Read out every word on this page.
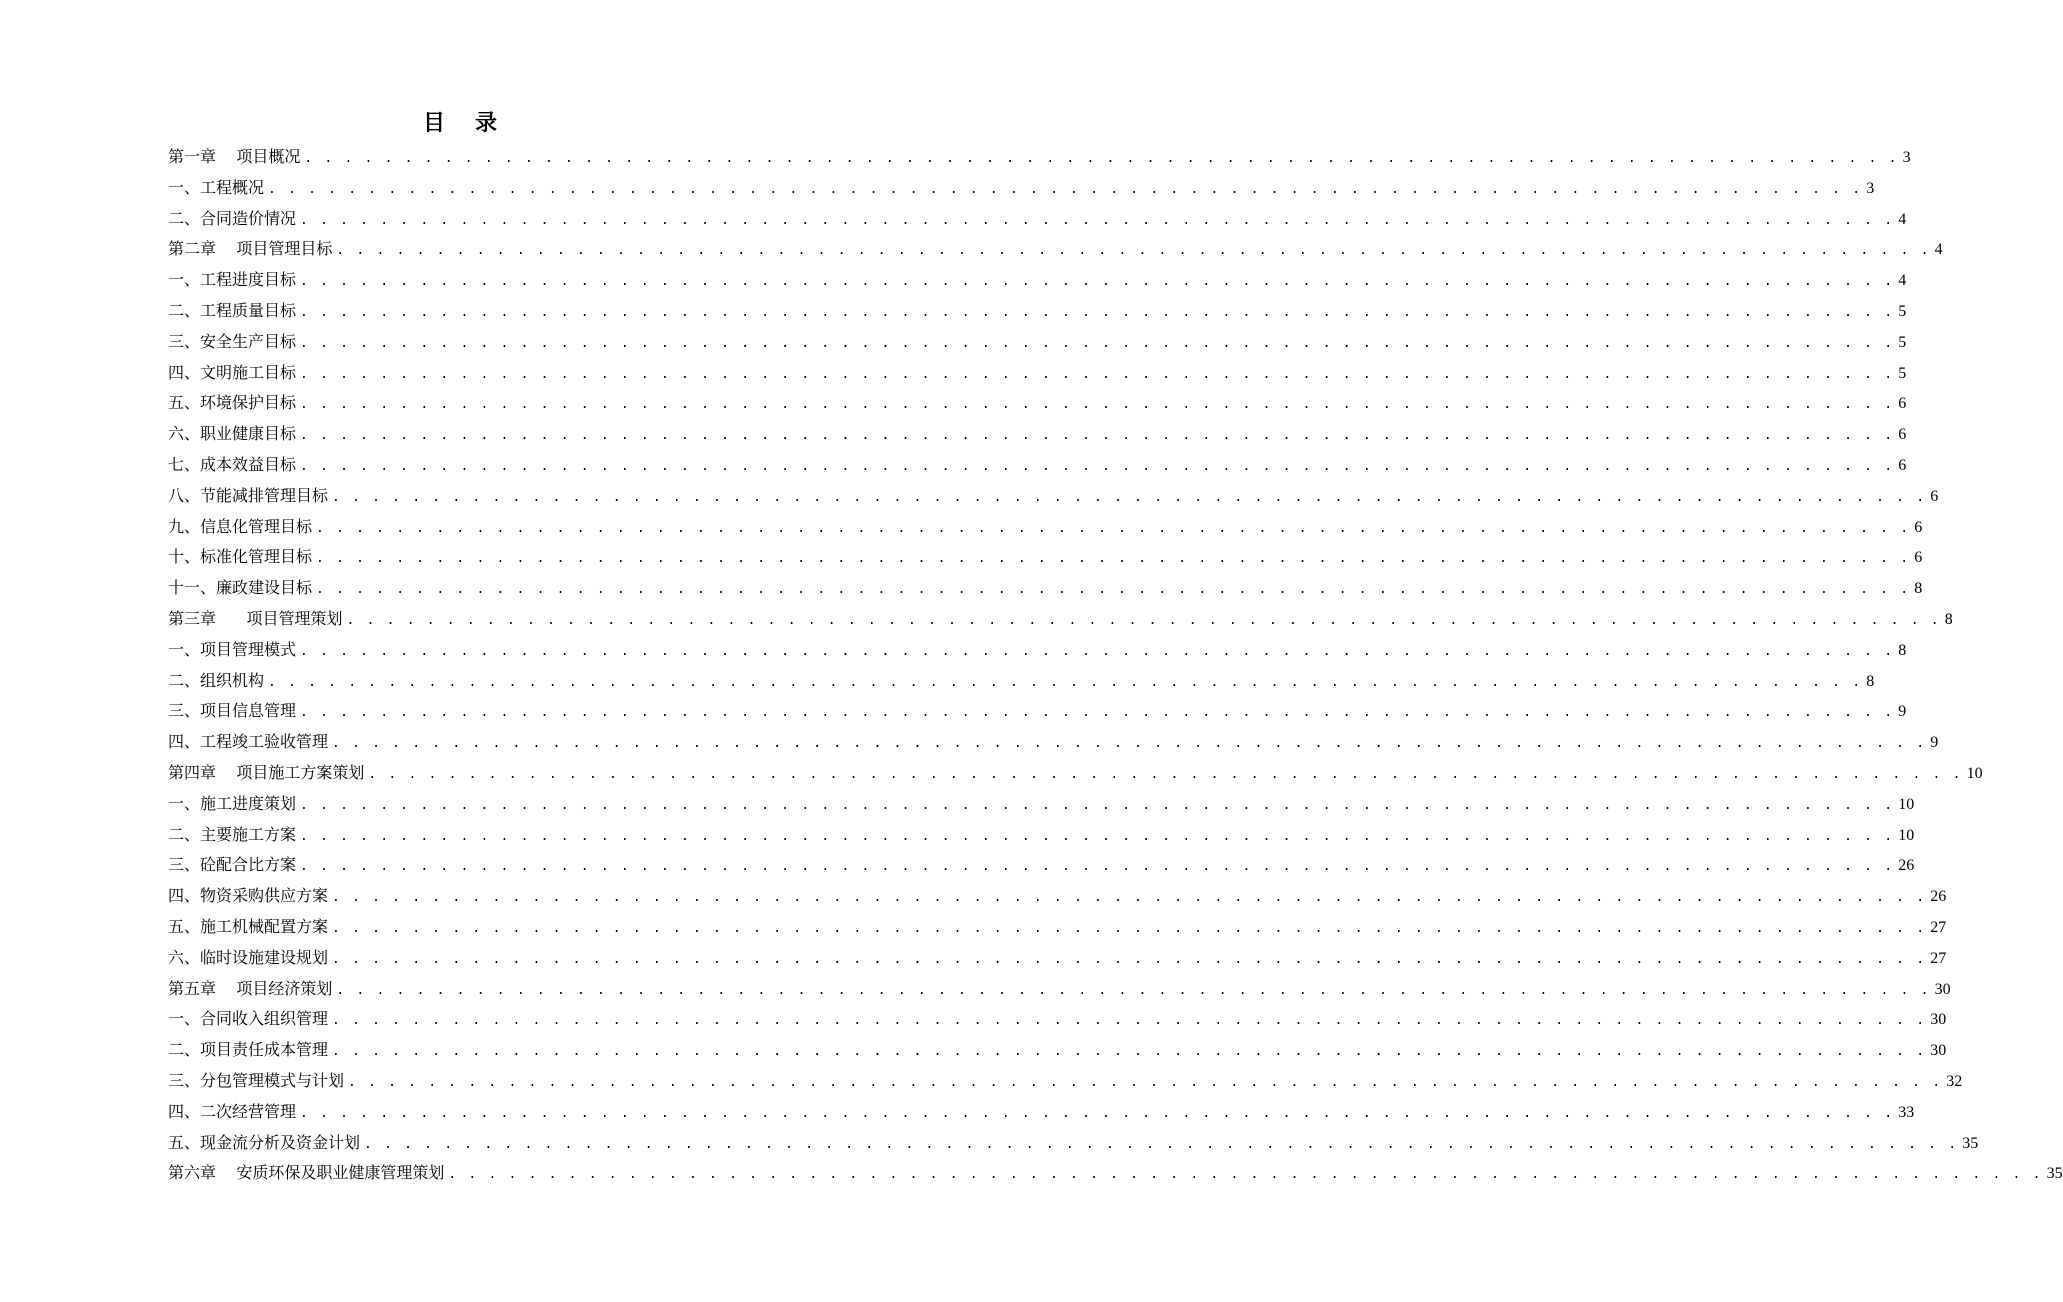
目 录
第一章    项目概况 . . . . . . . . . . . . . . . . . . . . . . . . . . . . . . . . . . . . . . . . . . . . . . . . . . . . . . . . . . . . . . . . . . . . . . . . . . . . . . . . 3
一、工程概况 . . . . . . . . . . . . . . . . . . . . . . . . . . . . . . . . . . . . . . . . . . . . . . . . . . . . . . . . . . . . . . . . . . . . . . . . . . . . . . . . 3
二、合同造价情况 . . . . . . . . . . . . . . . . . . . . . . . . . . . . . . . . . . . . . . . . . . . . . . . . . . . . . . . . . . . . . . . . . . . . . . . . . . . . . . . . 4
第二章    项目管理目标 . . . . . . . . . . . . . . . . . . . . . . . . . . . . . . . . . . . . . . . . . . . . . . . . . . . . . . . . . . . . . . . . . . . . . . . . . . . . . . . . 4
一、工程进度目标 . . . . . . . . . . . . . . . . . . . . . . . . . . . . . . . . . . . . . . . . . . . . . . . . . . . . . . . . . . . . . . . . . . . . . . . . . . . . . . . . 4
二、工程质量目标 . . . . . . . . . . . . . . . . . . . . . . . . . . . . . . . . . . . . . . . . . . . . . . . . . . . . . . . . . . . . . . . . . . . . . . . . . . . . . . . . 5
三、安全生产目标 . . . . . . . . . . . . . . . . . . . . . . . . . . . . . . . . . . . . . . . . . . . . . . . . . . . . . . . . . . . . . . . . . . . . . . . . . . . . . . . . 5
四、文明施工目标 . . . . . . . . . . . . . . . . . . . . . . . . . . . . . . . . . . . . . . . . . . . . . . . . . . . . . . . . . . . . . . . . . . . . . . . . . . . . . . . . 5
五、环境保护目标 . . . . . . . . . . . . . . . . . . . . . . . . . . . . . . . . . . . . . . . . . . . . . . . . . . . . . . . . . . . . . . . . . . . . . . . . . . . . . . . . 6
六、职业健康目标 . . . . . . . . . . . . . . . . . . . . . . . . . . . . . . . . . . . . . . . . . . . . . . . . . . . . . . . . . . . . . . . . . . . . . . . . . . . . . . . . 6
七、成本效益目标 . . . . . . . . . . . . . . . . . . . . . . . . . . . . . . . . . . . . . . . . . . . . . . . . . . . . . . . . . . . . . . . . . . . . . . . . . . . . . . . . 6
八、节能减排管理目标 . . . . . . . . . . . . . . . . . . . . . . . . . . . . . . . . . . . . . . . . . . . . . . . . . . . . . . . . . . . . . . . . . . . . . . . . . . . . . . . . 6
九、信息化管理目标 . . . . . . . . . . . . . . . . . . . . . . . . . . . . . . . . . . . . . . . . . . . . . . . . . . . . . . . . . . . . . . . . . . . . . . . . . . . . . . . . 6
十、标准化管理目标 . . . . . . . . . . . . . . . . . . . . . . . . . . . . . . . . . . . . . . . . . . . . . . . . . . . . . . . . . . . . . . . . . . . . . . . . . . . . . . . . 6
十一、廉政建设目标 . . . . . . . . . . . . . . . . . . . . . . . . . . . . . . . . . . . . . . . . . . . . . . . . . . . . . . . . . . . . . . . . . . . . . . . . . . . . . . . . 8
第三章      项目管理策划 . . . . . . . . . . . . . . . . . . . . . . . . . . . . . . . . . . . . . . . . . . . . . . . . . . . . . . . . . . . . . . . . . . . . . . . . . . . . . . . . 8
一、项目管理模式 . . . . . . . . . . . . . . . . . . . . . . . . . . . . . . . . . . . . . . . . . . . . . . . . . . . . . . . . . . . . . . . . . . . . . . . . . . . . . . . . 8
二、组织机构 . . . . . . . . . . . . . . . . . . . . . . . . . . . . . . . . . . . . . . . . . . . . . . . . . . . . . . . . . . . . . . . . . . . . . . . . . . . . . . . . 8
三、项目信息管理 . . . . . . . . . . . . . . . . . . . . . . . . . . . . . . . . . . . . . . . . . . . . . . . . . . . . . . . . . . . . . . . . . . . . . . . . . . . . . . . . 9
四、工程竣工验收管理 . . . . . . . . . . . . . . . . . . . . . . . . . . . . . . . . . . . . . . . . . . . . . . . . . . . . . . . . . . . . . . . . . . . . . . . . . . . . . . . . 9
第四章    项目施工方案策划 . . . . . . . . . . . . . . . . . . . . . . . . . . . . . . . . . . . . . . . . . . . . . . . . . . . . . . . . . . . . . . . . . . . . . . . . . . . . . . . . 10
一、施工进度策划 . . . . . . . . . . . . . . . . . . . . . . . . . . . . . . . . . . . . . . . . . . . . . . . . . . . . . . . . . . . . . . . . . . . . . . . . . . . . . . . . 10
二、主要施工方案 . . . . . . . . . . . . . . . . . . . . . . . . . . . . . . . . . . . . . . . . . . . . . . . . . . . . . . . . . . . . . . . . . . . . . . . . . . . . . . . . 10
三、砼配合比方案 . . . . . . . . . . . . . . . . . . . . . . . . . . . . . . . . . . . . . . . . . . . . . . . . . . . . . . . . . . . . . . . . . . . . . . . . . . . . . . . . 26
四、物资采购供应方案 . . . . . . . . . . . . . . . . . . . . . . . . . . . . . . . . . . . . . . . . . . . . . . . . . . . . . . . . . . . . . . . . . . . . . . . . . . . . . . . . 26
五、施工机械配置方案 . . . . . . . . . . . . . . . . . . . . . . . . . . . . . . . . . . . . . . . . . . . . . . . . . . . . . . . . . . . . . . . . . . . . . . . . . . . . . . . . 27
六、临时设施建设规划 . . . . . . . . . . . . . . . . . . . . . . . . . . . . . . . . . . . . . . . . . . . . . . . . . . . . . . . . . . . . . . . . . . . . . . . . . . . . . . . . 27
第五章    项目经济策划 . . . . . . . . . . . . . . . . . . . . . . . . . . . . . . . . . . . . . . . . . . . . . . . . . . . . . . . . . . . . . . . . . . . . . . . . . . . . . . . . 30
一、合同收入组织管理 . . . . . . . . . . . . . . . . . . . . . . . . . . . . . . . . . . . . . . . . . . . . . . . . . . . . . . . . . . . . . . . . . . . . . . . . . . . . . . . . 30
二、项目责任成本管理 . . . . . . . . . . . . . . . . . . . . . . . . . . . . . . . . . . . . . . . . . . . . . . . . . . . . . . . . . . . . . . . . . . . . . . . . . . . . . . . . 30
三、分包管理模式与计划 . . . . . . . . . . . . . . . . . . . . . . . . . . . . . . . . . . . . . . . . . . . . . . . . . . . . . . . . . . . . . . . . . . . . . . . . . . . . . . . . 32
四、二次经营管理 . . . . . . . . . . . . . . . . . . . . . . . . . . . . . . . . . . . . . . . . . . . . . . . . . . . . . . . . . . . . . . . . . . . . . . . . . . . . . . . . 33
五、现金流分析及资金计划 . . . . . . . . . . . . . . . . . . . . . . . . . . . . . . . . . . . . . . . . . . . . . . . . . . . . . . . . . . . . . . . . . . . . . . . . . . . . . . . . 35
第六章    安质环保及职业健康管理策划 . . . . . . . . . . . . . . . . . . . . . . . . . . . . . . . . . . . . . . . . . . . . . . . . . . . . . . . . . . . . . . . . . . . . . . . . . . . . . . . . 35
